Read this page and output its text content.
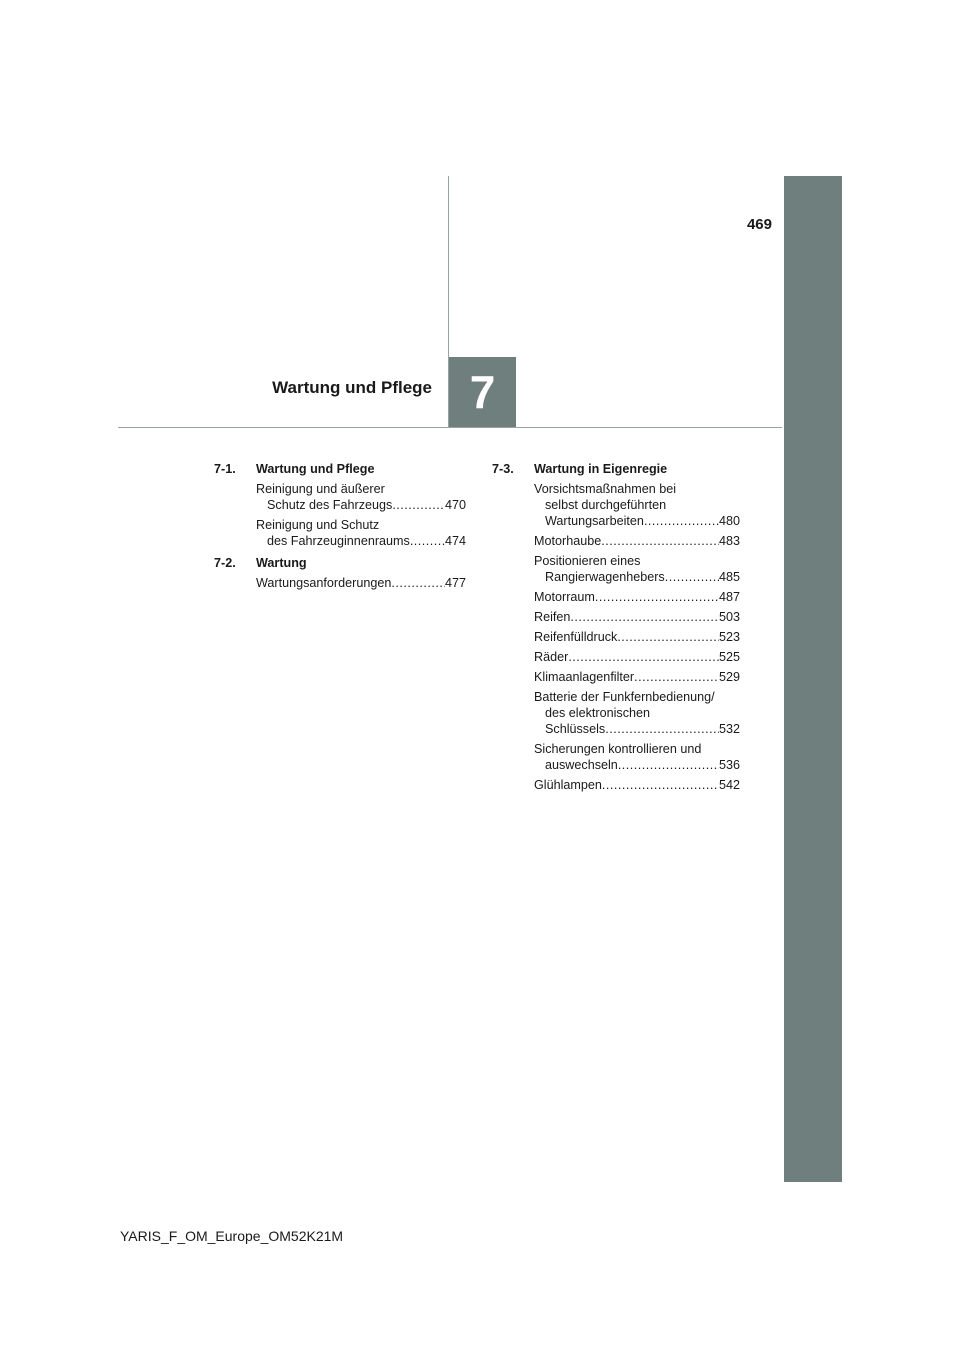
469
7
Wartung und Pflege
7-1.	Wartung und Pflege
Reinigung und äußerer
Schutz des Fahrzeugs .....	470
Reinigung und Schutz
des Fahrzeuginnenraums .....	474
7-2.	Wartung
Wartungsanforderungen .....	477
7-3.	Wartung in Eigenregie
Vorsichtsmaßnahmen bei
selbst durchgeführten
Wartungsarbeiten .....	480
Motorhaube .....	483
Positionieren eines
Rangierwagenhebers .....	485
Motorraum .....	487
Reifen .....	503
Reifenfülldruck .....	523
Räder .....	525
Klimaanlagenfilter .....	529
Batterie der Funkfernbedienung/
des elektronischen
Schlüssels .....	532
Sicherungen kontrollieren und
auswechseln .....	536
Glühlampen .....	542
YARIS_F_OM_Europe_OM52K21M
